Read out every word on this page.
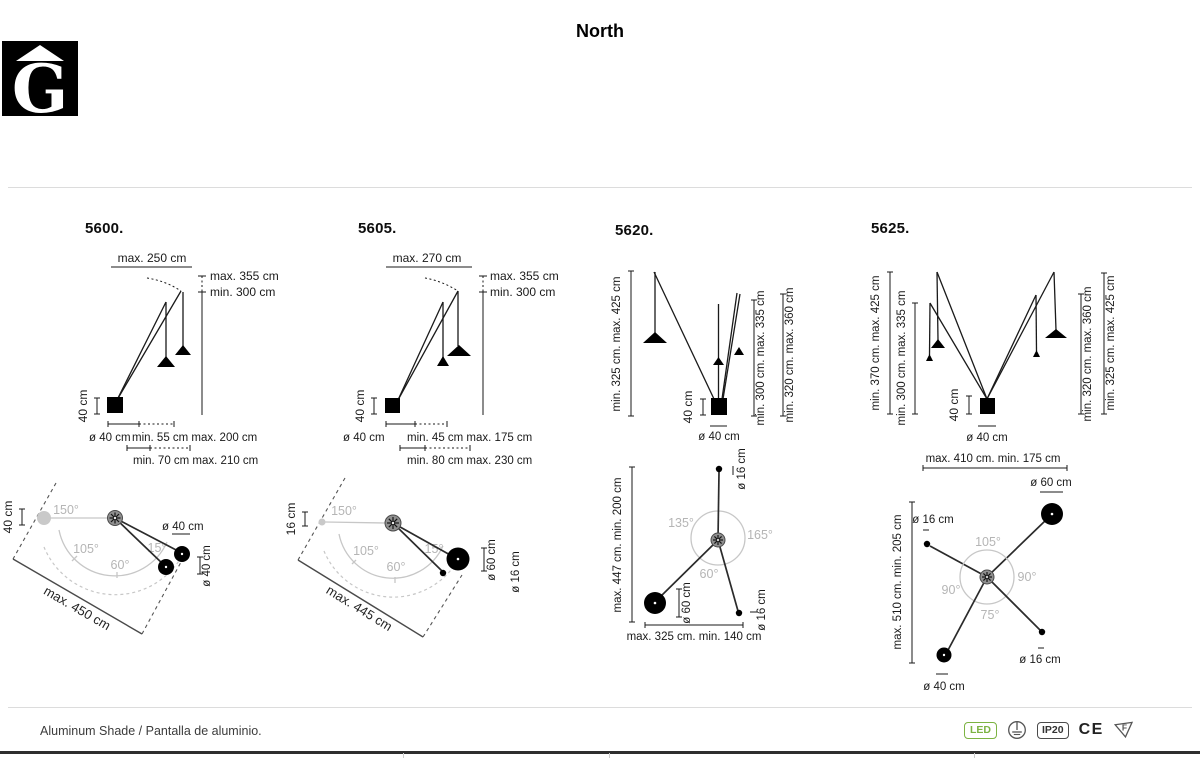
North
G
5600.	5605.	5620.	5625.
max. 250 cm
max. 355 cm
min. 300 cm
40 cm
ø 40 cm min. 55 cm max. 200 cm
min. 70 cm max. 210 cm
max. 450 cm
40 cm	150°
105°
60°
15°
ø 40 cm
ø 40 cm
max. 270 cm
max. 355 cm
min. 300 cm
40 cm
ø 40 cm min. 45 cm max. 175 cm
min. 80 cm max. 230 cm
max. 445 cm
16 cm	150°
105°
60°
15°	ø 60 cm ø 16 cm
min. 325 cm. max. 425 cm	40 cm	min. 300 cm. max. 335 cm min. 320 cm. max. 360 cm
ø 40 cm
max. 447 cm. min. 200 cm
ø 16 cm
135°
165°
60°
ø 60 cm	ø 16 cm
max. 325 cm. min. 140 cm
min. 370 cm. max. 425 cm min. 300 cm. max. 335 cm	min. 320 cm. max. 360 cm min. 325 cm. max. 425 cm
40 cm
ø 40 cm
max. 410 cm. min. 175 cm
ø 60 cm
ø 16 cm
max. 510 cm. min. 205 cm	105°
90°
90°
75°
ø 40 cm
ø 16 cm
Aluminum Shade / Pantalla de aluminio.	LED	IP20 CE F
